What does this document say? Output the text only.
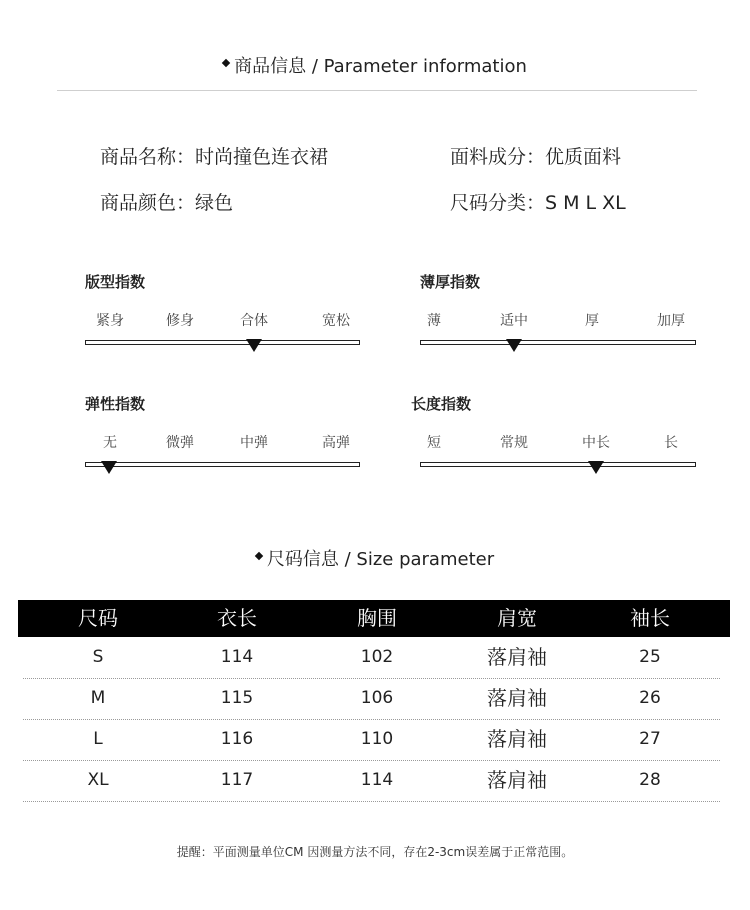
商品信息 / Parameter information
商品名称：时尚撞色连衣裙	面料成分：优质面料
商品颜色：绿色	尺码分类：S M L XL
版型指数
紧身	修身	合体	宽松
薄厚指数
薄	适中	厚	加厚
弹性指数
无	微弹	中弹	高弹
长度指数
短	常规	中长	长
尺码信息 / Size parameter
尺码	衣长	胸围	肩宽	袖长
S	114	102	落肩袖	25
M	115	106	落肩袖	26
L	116	110	落肩袖	27
XL	117	114	落肩袖	28
提醒：平面测量单位CM 因测量方法不同，存在2-3cm误差属于正常范围。
